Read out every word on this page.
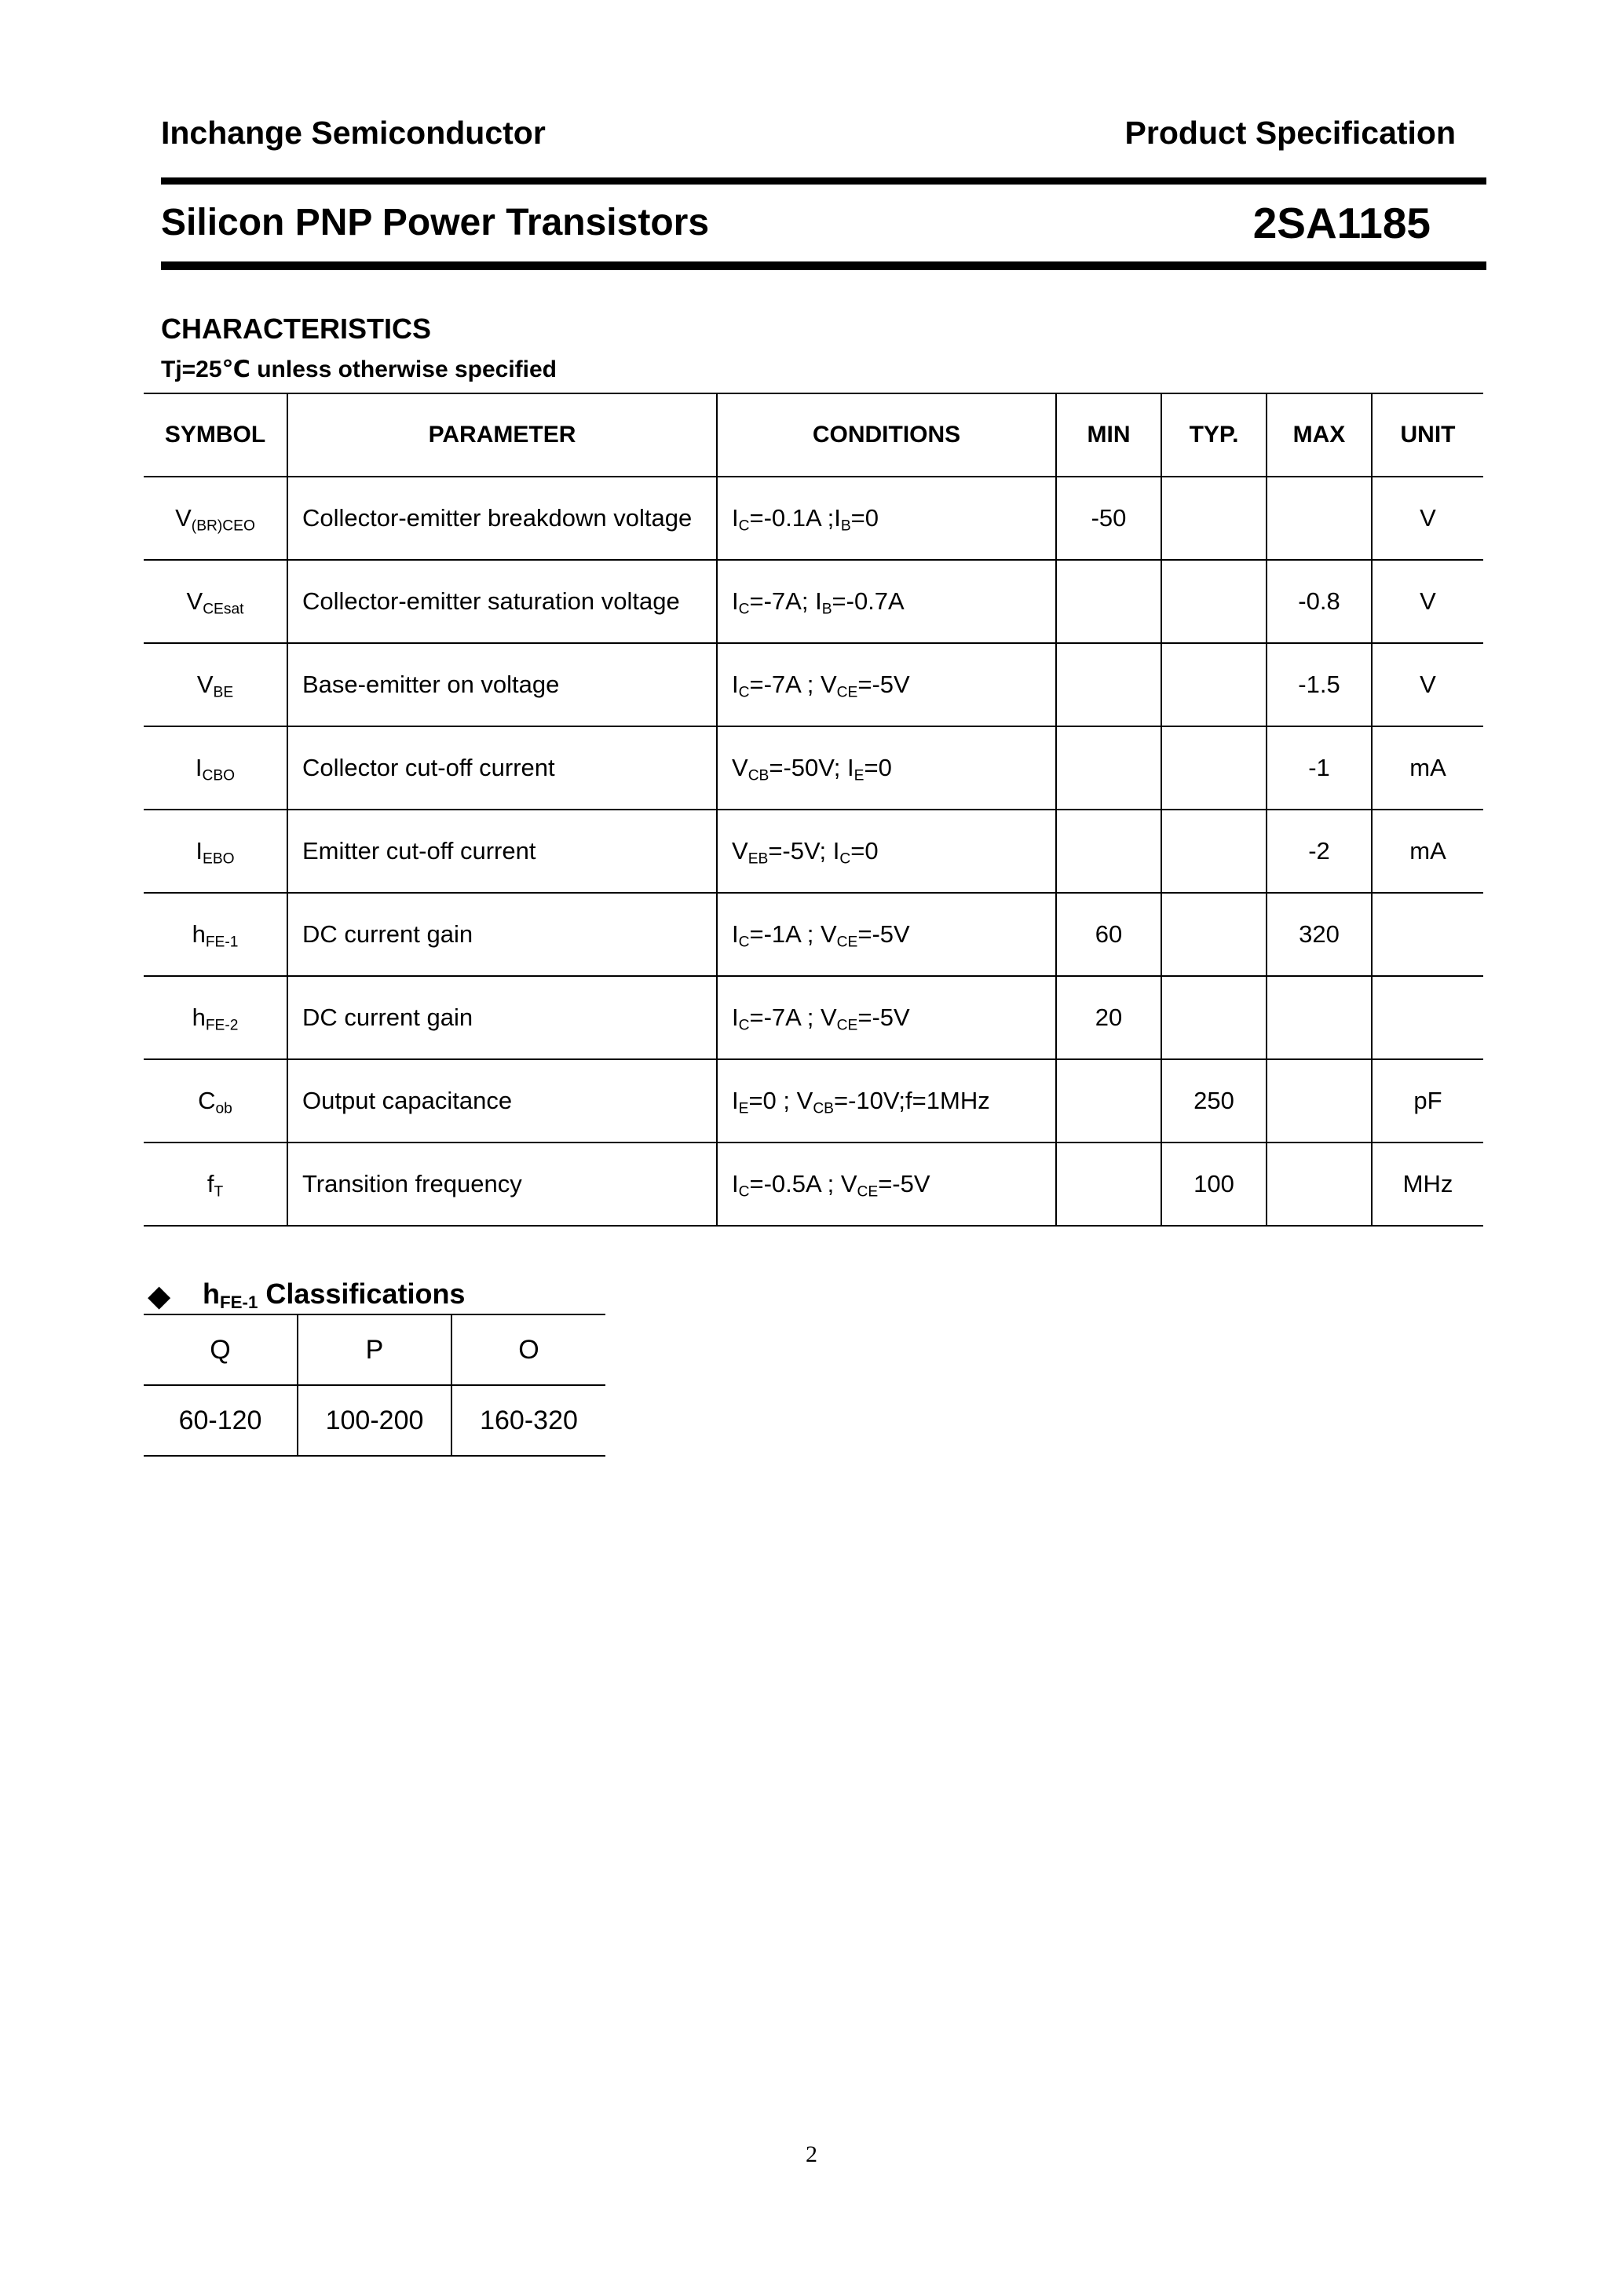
Inchange Semiconductor	Product Specification
Silicon PNP Power Transistors	2SA1185
CHARACTERISTICS
Tj=25℃ unless otherwise specified
SYMBOL	PARAMETER	CONDITIONS	MIN	TYP.	MAX	UNIT
$V_{(BR)CEO}$	Collector-emitter breakdown voltage	$I_C=-0.1A$ $;I_B=0$	-50			V
$V_{CEsat}$	Collector-emitter saturation voltage	$I_C=-7A$; $I_B=-0.7A$			-0.8	V
$V_{BE}$	Base-emitter on voltage	$I_C=-7A$ ; $V_{CE}=-5V$			-1.5	V
$I_{CBO}$	Collector cut-off current	$V_{CB}=-50V$; $I_E=0$			-1	mA
$I_{EBO}$	Emitter cut-off current	$V_{EB}=-5V$; $I_C=0$			-2	mA
$h_{FE-1}$	DC current gain	$I_C=-1A$ ; $V_{CE}=-5V$	60		320	
$h_{FE-2}$	DC current gain	$I_C=-7A$ ; $V_{CE}=-5V$	20			
$C_{ob}$	Output capacitance	$I_E=0$ ; $V_{CB}=-10V;f=1MHz$		250		pF
$f_T$	Transition frequency	$I_C=-0.5A$ ; $V_{CE}=-5V$		100		MHz
◆ $h_{FE-1}$ Classifications
Q	P	O
60-120	100-200	160-320
2
